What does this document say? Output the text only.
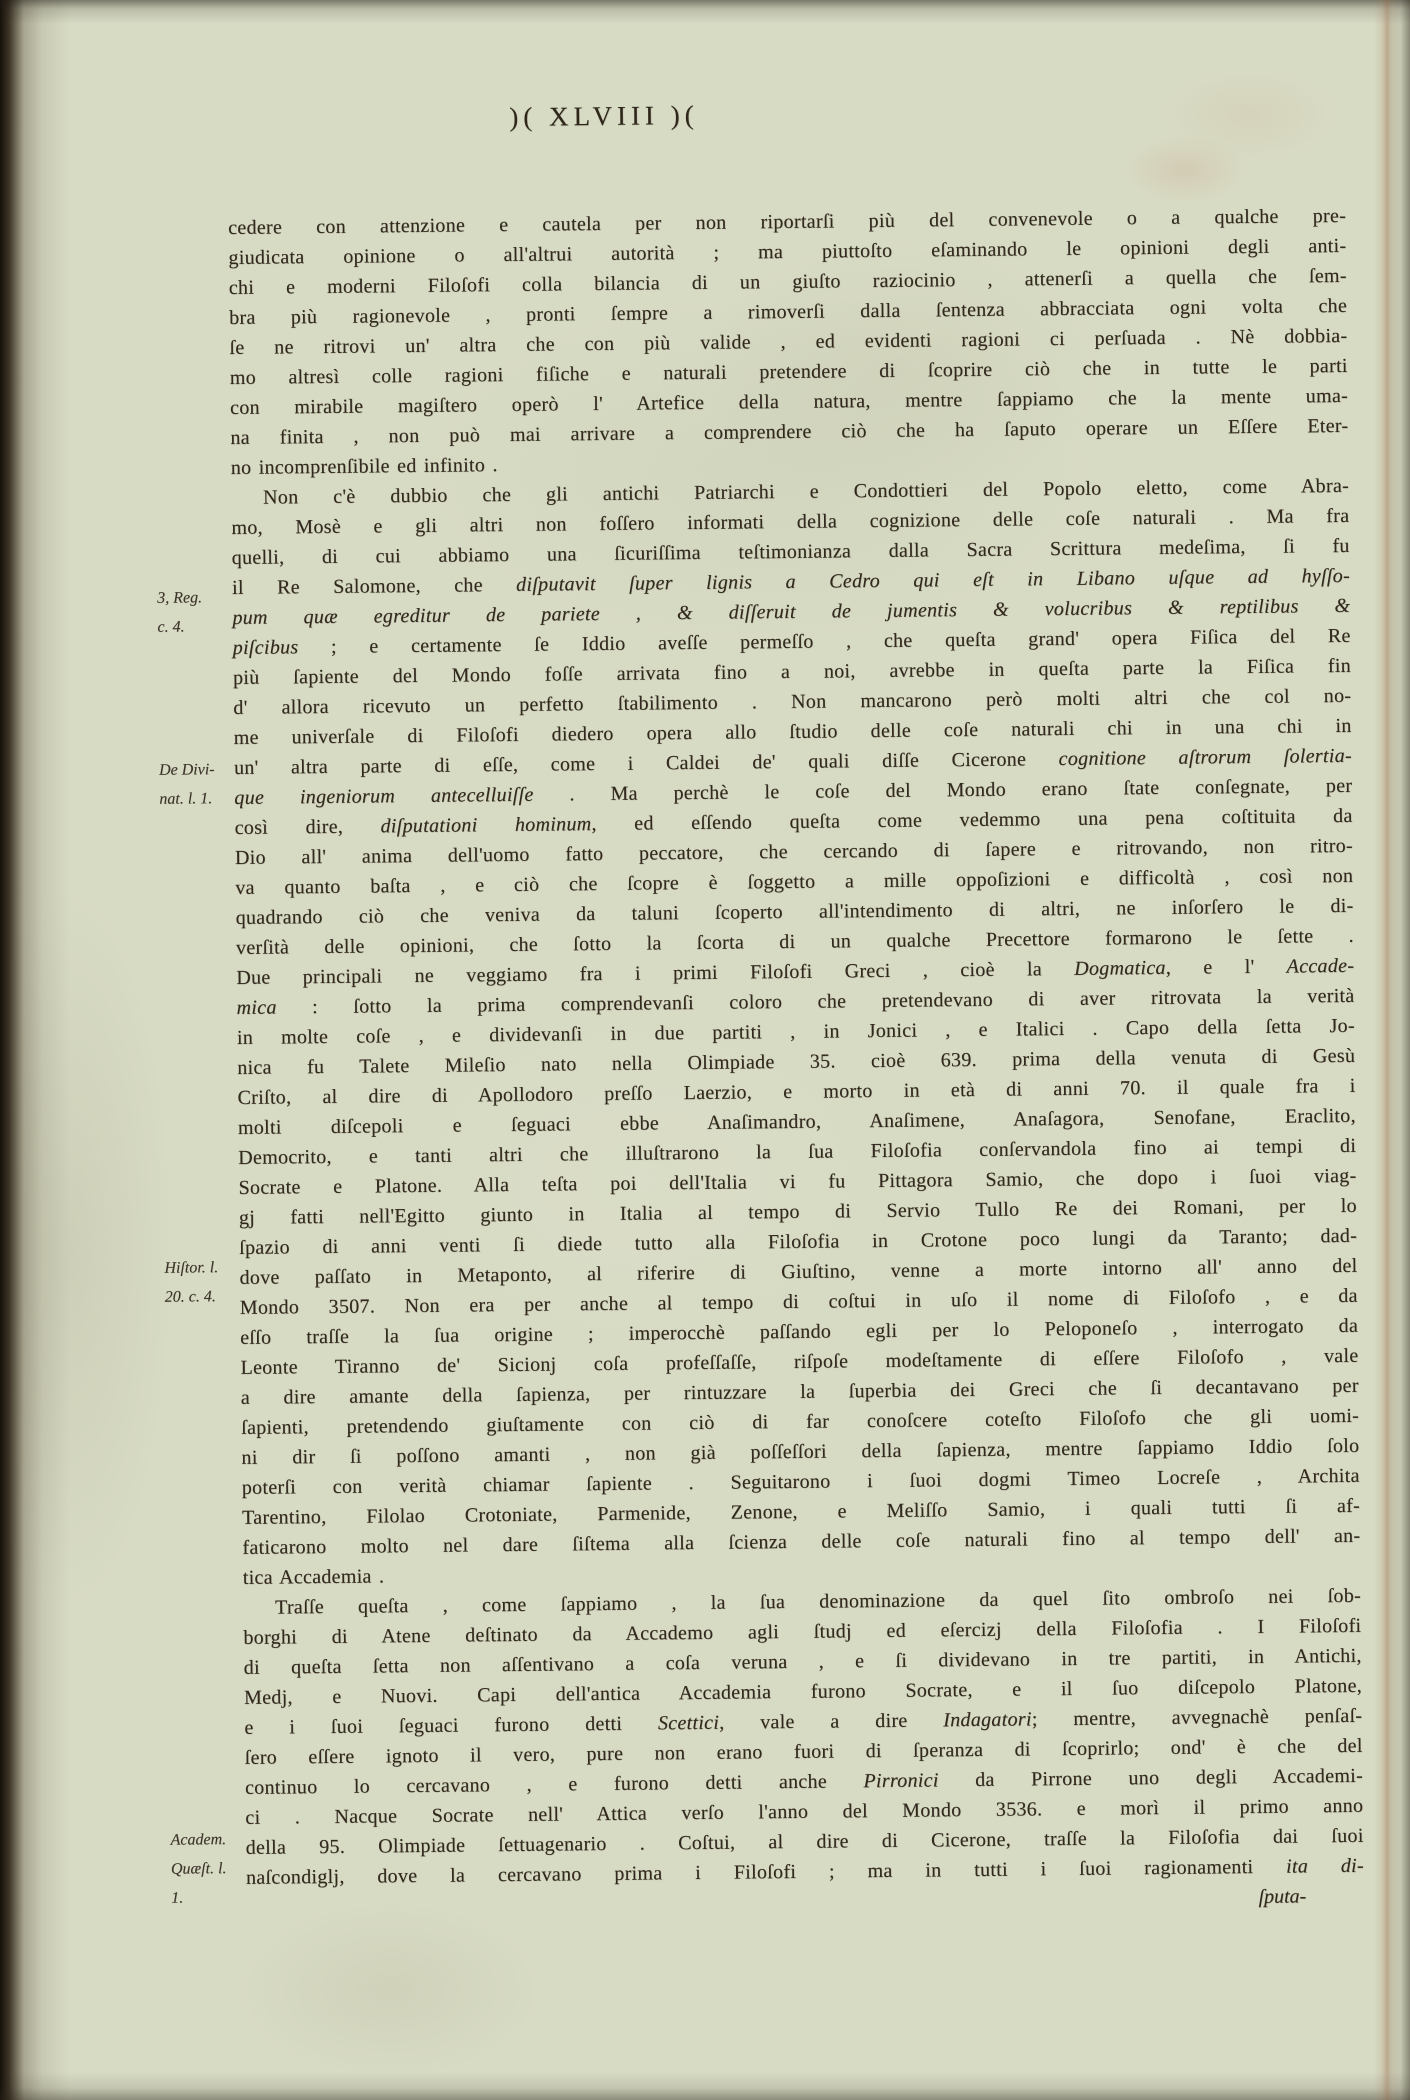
)( XLVIII )(
ſputa-
cedere con attenzione e cautela per non riportarſi più del convenevole o a qualche pre-
giudicata opinione o all'altrui autorità ; ma piuttoſto eſaminando le opinioni degli anti-
chi e moderni Filoſofi colla bilancia di un giuſto raziocinio , attenerſi a quella che ſem-
bra più ragionevole , pronti ſempre a rimoverſi dalla ſentenza abbracciata ogni volta che
ſe ne ritrovi un' altra che con più valide , ed evidenti ragioni ci perſuada . Nè dobbia-
mo altresì colle ragioni fiſiche e naturali pretendere di ſcoprire ciò che in tutte le parti
con mirabile magiſtero operò l' Artefice della natura, mentre ſappiamo che la mente uma-
na finita , non può mai arrivare a comprendere ciò che ha ſaputo operare un Eſſere Eter-
no incomprenſibile ed infinito .
Non c'è dubbio che gli antichi Patriarchi e Condottieri del Popolo eletto, come Abra-
mo, Mosè e gli altri non foſſero informati della cognizione delle coſe naturali . Ma fra
quelli, di cui abbiamo una ſicuriſſima teſtimonianza dalla Sacra Scrittura medeſima, ſi fu
il Re Salomone, che diſputavit ſuper lignis a Cedro qui eſt in Libano uſque ad hyſſo-
pum quæ egreditur de pariete , & diſſeruit de jumentis & volucribus & reptilibus &
piſcibus ; e certamente ſe Iddio aveſſe permeſſo , che queſta grand' opera Fiſica del Re
più ſapiente del Mondo foſſe arrivata fino a noi, avrebbe in queſta parte la Fiſica fin
d' allora ricevuto un perfetto ſtabilimento . Non mancarono però molti altri che col no-
me univerſale di Filoſofi diedero opera allo ſtudio delle coſe naturali chi in una chi in
un' altra parte di eſſe, come i Caldei de' quali diſſe Cicerone cognitione aſtrorum ſolertia-
que ingeniorum antecelluiſſe . Ma perchè le coſe del Mondo erano ſtate conſegnate, per
così dire, diſputationi hominum, ed eſſendo queſta come vedemmo una pena coſtituita da
Dio all' anima dell'uomo fatto peccatore, che cercando di ſapere e ritrovando, non ritro-
va quanto baſta , e ciò che ſcopre è ſoggetto a mille oppoſizioni e difficoltà , così non
quadrando ciò che veniva da taluni ſcoperto all'intendimento di altri, ne inſorſero le di-
verſità delle opinioni, che ſotto la ſcorta di un qualche Precettore formarono le ſette .
Due principali ne veggiamo fra i primi Filoſofi Greci , cioè la Dogmatica, e l' Accade-
mica : ſotto la prima comprendevanſi coloro che pretendevano di aver ritrovata la verità
in molte coſe , e dividevanſi in due partiti , in Jonici , e Italici . Capo della ſetta Jo-
nica fu Talete Mileſio nato nella Olimpiade 35. cioè 639. prima della venuta di Gesù
Criſto, al dire di Apollodoro preſſo Laerzio, e morto in età di anni 70. il quale fra i
molti diſcepoli e ſeguaci ebbe Anaſimandro, Anaſimene, Anaſagora, Senofane, Eraclito,
Democrito, e tanti altri che illuſtrarono la ſua Filoſofia conſervandola fino ai tempi di
Socrate e Platone. Alla teſta poi dell'Italia vi fu Pittagora Samio, che dopo i ſuoi viag-
gj fatti nell'Egitto giunto in Italia al tempo di Servio Tullo Re dei Romani, per lo
ſpazio di anni venti ſi diede tutto alla Filoſofia in Crotone poco lungi da Taranto; dad-
dove paſſato in Metaponto, al riferire di Giuſtino, venne a morte intorno all' anno del
Mondo 3507. Non era per anche al tempo di coſtui in uſo il nome di Filoſofo , e da
eſſo traſſe la ſua origine ; imperocchè paſſando egli per lo Peloponeſo , interrogato da
Leonte Tiranno de' Sicionj coſa profeſſaſſe, riſpoſe modeſtamente di eſſere Filoſofo , vale
a dire amante della ſapienza, per rintuzzare la ſuperbia dei Greci che ſi decantavano per
ſapienti, pretendendo giuſtamente con ciò di far conoſcere coteſto Filoſofo che gli uomi-
ni dir ſi poſſono amanti , non già poſſeſſori della ſapienza, mentre ſappiamo Iddio ſolo
poterſi con verità chiamar ſapiente . Seguitarono i ſuoi dogmi Timeo Locreſe , Archita
Tarentino, Filolao Crotoniate, Parmenide, Zenone, e Meliſſo Samio, i quali tutti ſi af-
faticarono molto nel dare ſiſtema alla ſcienza delle coſe naturali fino al tempo dell' an-
tica Accademia .
Traſſe queſta , come ſappiamo , la ſua denominazione da quel ſito ombroſo nei ſob-
borghi di Atene deſtinato da Accademo agli ſtudj ed eſercizj della Filoſofia . I Filoſofi
di queſta ſetta non aſſentivano a coſa veruna , e ſi dividevano in tre partiti, in Antichi,
Medj, e Nuovi. Capi dell'antica Accademia furono Socrate, e il ſuo diſcepolo Platone,
e i ſuoi ſeguaci furono detti Scettici, vale a dire Indagatori; mentre, avvegnachè penſaſ-
ſero eſſere ignoto il vero, pure non erano fuori di ſperanza di ſcoprirlo; ond' è che del
continuo lo cercavano , e furono detti anche Pirronici da Pirrone uno degli Accademi-
ci . Nacque Socrate nell' Attica verſo l'anno del Mondo 3536. e morì il primo anno
della 95. Olimpiade ſettuagenario . Coſtui, al dire di Cicerone, traſſe la Filoſofia dai ſuoi
naſcondiglj, dove la cercavano prima i Filoſofi ; ma in tutti i ſuoi ragionamenti ita di-
3, Reg.
c. 4.
De Divi-
nat. l. 1.
Hiſtor. l.
20. c. 4.
Academ.
Quæſt. l.
1.
